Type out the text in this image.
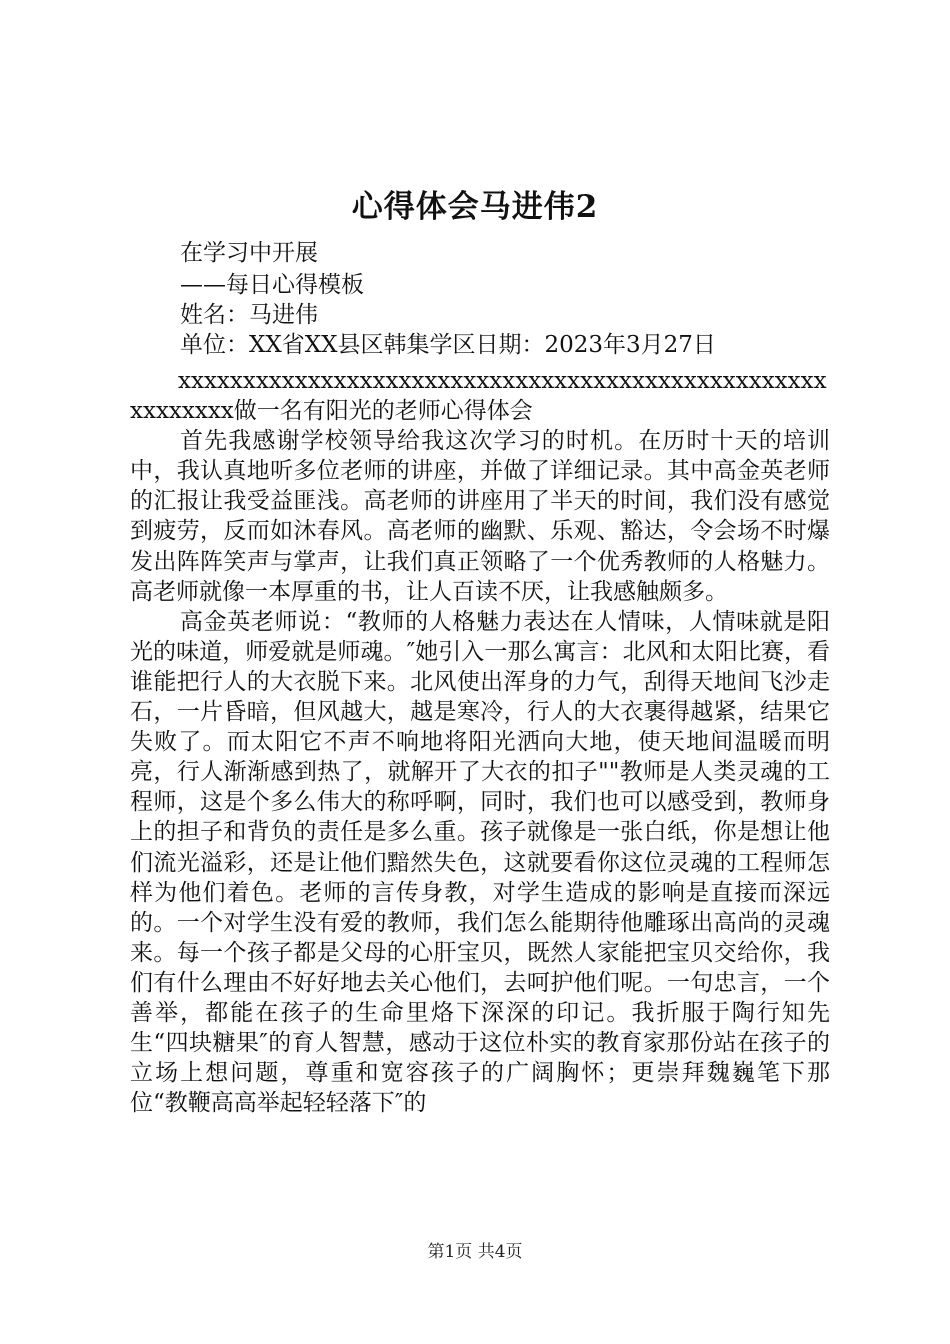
心得体会马进伟2
在学习中开展
——每日心得模板
姓名：马进伟
单位：XX省XX县区韩集学区日期：2023年3月27日

xxxxxxxxxxxxxxxxxxxxxxxxxxxxxxxxxxxxxxxxxxxxxxxxxxxxxxxxxx做一名有阳光的老师心得体会

首先我感谢学校领导给我这次学习的时机。在历时十天的培训中，我认真地听多位老师的讲座，并做了详细记录。其中高金英老师的汇报让我受益匪浅。高老师的讲座用了半天的时间，我们没有感觉到疲劳，反而如沐春风。高老师的幽默、乐观、豁达，令会场不时爆发出阵阵笑声与掌声，让我们真正领略了一个优秀教师的人格魅力。高老师就像一本厚重的书，让人百读不厌，让我感触颇多。

高金英老师说：“教师的人格魅力表达在人情味，人情味就是阳光的味道，师爱就是师魂。″她引入一那么寓言：北风和太阳比赛，看谁能把行人的大衣脱下来。北风使出浑身的力气，刮得天地间飞沙走石，一片昏暗，但风越大，越是寒冷，行人的大衣裹得越紧，结果它失败了。而太阳它不声不响地将阳光洒向大地，使天地间温暖而明亮，行人渐渐感到热了，就解开了大衣的扣子""教师是人类灵魂的工程师，这是个多么伟大的称呼啊，同时，我们也可以感受到，教师身上的担子和背负的责任是多么重。孩子就像是一张白纸，你是想让他们流光溢彩，还是让他们黯然失色，这就要看你这位灵魂的工程师怎样为他们着色。老师的言传身教，对学生造成的影响是直接而深远的。一个对学生没有爱的教师，我们怎么能期待他雕琢出高尚的灵魂来。每一个孩子都是父母的心肝宝贝，既然人家能把宝贝交给你，我们有什么理由不好好地去关心他们，去呵护他们呢。一句忠言，一个善举，都能在孩子的生命里烙下深深的印记。我折服于陶行知先生“四块糖果″的育人智慧，感动于这位朴实的教育家那份站在孩子的立场上想问题，尊重和宽容孩子的广阔胸怀；更崇拜魏巍笔下那位“教鞭高高举起轻轻落下″的

第1页 共4页
